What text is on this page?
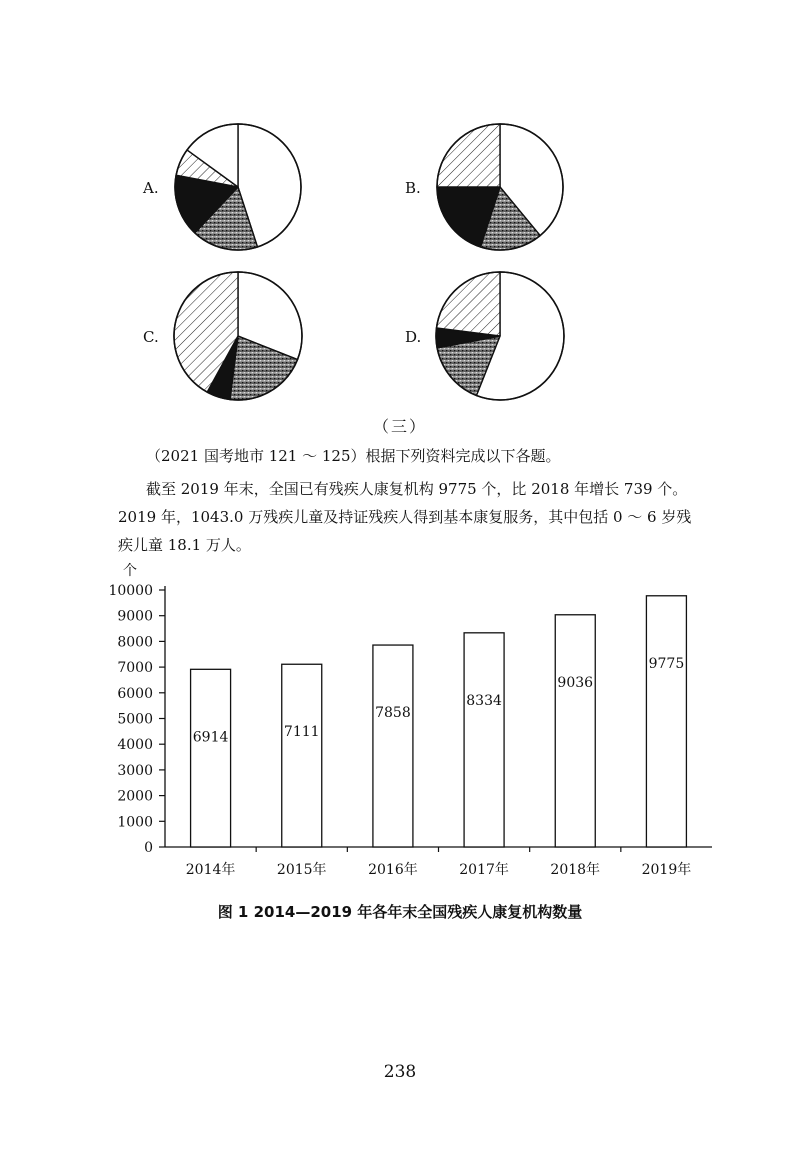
A.	B.
C.	D.
（三）
（2021 国考地市 121 ～ 125）根据下列资料完成以下各题。
截至 2019 年末，全国已有残疾人康复机构 9775 个，比 2018 年增长 739 个。
2019 年，1043.0 万残疾儿童及持证残疾人得到基本康复服务，其中包括 0 ～ 6 岁残
疾儿童 18.1 万人。
个
0
1000
2000
3000
4000
5000
6000
7000
8000
9000
10000
6914
2014年
7111
2015年
7858
2016年
8334
2017年
9036
2018年
9775
2019年
图 1 2014—2019 年各年末全国残疾人康复机构数量
238
